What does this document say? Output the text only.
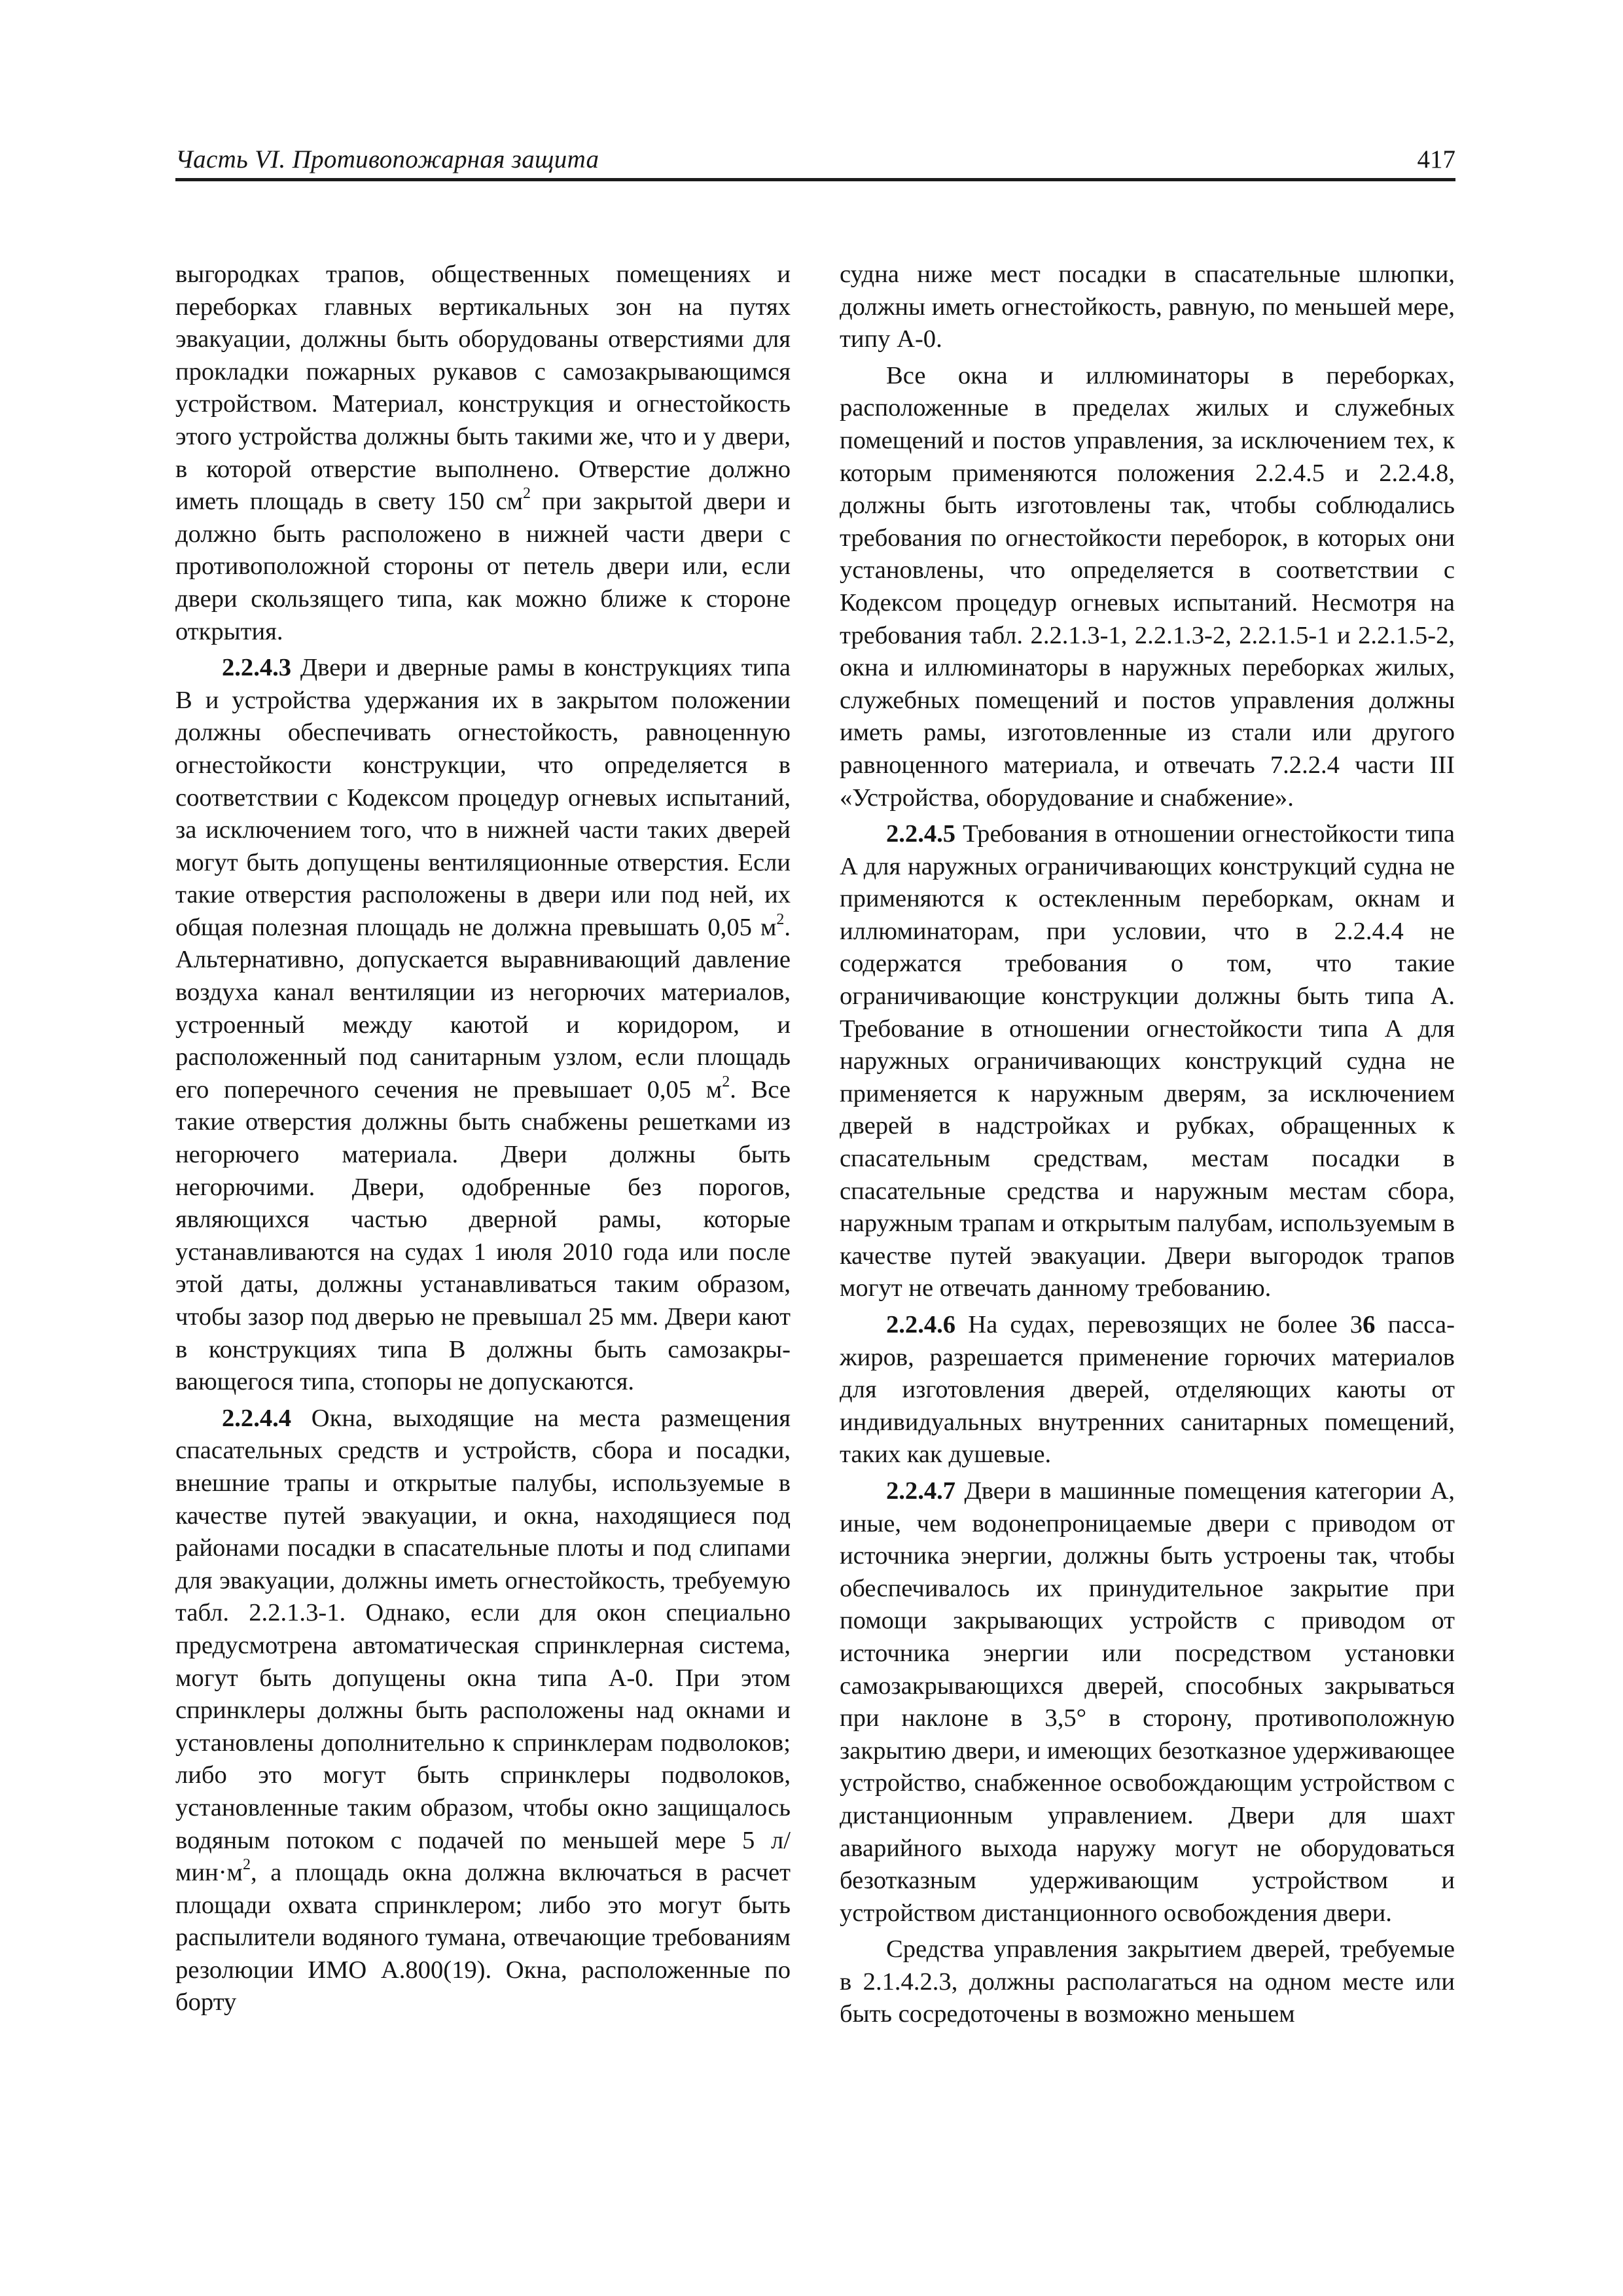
Часть VI. Противопожарная защита	417

выгородках трапов, общественных помещениях и переборках главных вертикальных зон на путях эвакуации, должны быть оборудованы отверстиями для прокладки пожарных рукавов с самозакрывающимся устройством. Материал, конструкция и огнестойкость этого устройства должны быть такими же, что и у двери, в которой отверстие выполнено. Отверстие должно иметь площадь в свету 150 $см^2$ при закрытой двери и должно быть расположено в нижней части двери с противоположной стороны от петель двери или, если двери скользящего типа, как можно ближе к стороне открытия.

2.2.4.3 Двери и дверные рамы в конструкциях типа B и устройства удержания их в закрытом положении должны обеспечивать огнестойкость, равноценную огнестойкости конструкции, что определяется в соответствии с Кодексом процедур огневых испытаний, за исключением того, что в нижней части таких дверей могут быть допущены вентиляционные отверстия. Если такие отверстия расположены в двери или под ней, их общая полезная площадь не должна превышать 0,05 $м^2$. Альтернативно, допускается выравнивающий давление воздуха канал вентиляции из негорючих материалов, устроенный между каютой и коридором, и расположенный под санитарным узлом, если площадь его поперечного сечения не превышает 0,05 $м^2$. Все такие отверстия должны быть снабжены решетками из негорючего материала. Двери должны быть негорючими. Двери, одобренные без порогов, являющихся частью дверной рамы, которые устанавливаются на судах 1 июля 2010 года или после этой даты, должны устанавливаться таким образом, чтобы зазор под дверью не превышал 25 мм. Двери кают в конструкциях типа B должны быть самозакрывающегося типа, стопоры не допускаются.

2.2.4.4 Окна, выходящие на места размещения спасательных средств и устройств, сбора и посадки, внешние трапы и открытые палубы, используемые в качестве путей эвакуации, и окна, находящиеся под районами посадки в спасательные плоты и под слипами для эвакуации, должны иметь огнестойкость, требуемую табл. 2.2.1.3-1. Однако, если для окон специально предусмотрена автоматическая спринклерная система, могут быть допущены окна типа A-0. При этом спринклеры должны быть расположены над окнами и установлены дополнительно к спринклерам подволоков; либо это могут быть спринклеры подволоков, установленные таким образом, чтобы окно защищалось водяным потоком с подачей по меньшей мере 5 $л/мин\cdot м^2$, а площадь окна должна включаться в расчет площади охвата спринклером; либо это могут быть распылители водяного тумана, отвечающие требованиям резолюции ИМО А.800(19). Окна, расположенные по борту

судна ниже мест посадки в спасательные шлюпки, должны иметь огнестойкость, равную, по меньшей мере, типу A-0.

Все окна и иллюминаторы в переборках, расположенные в пределах жилых и служебных помещений и постов управления, за исключением тех, к которым применяются положения 2.2.4.5 и 2.2.4.8, должны быть изготовлены так, чтобы соблюдались требования по огнестойкости переборок, в которых они установлены, что определяется в соответствии с Кодексом процедур огневых испытаний. Несмотря на требования табл. 2.2.1.3-1, 2.2.1.3-2, 2.2.1.5-1 и 2.2.1.5-2, окна и иллюминаторы в наружных переборках жилых, служебных помещений и постов управления должны иметь рамы, изготовленные из стали или другого равноценного материала, и отвечать 7.2.2.4 части III «Устройства, оборудование и снабжение».

2.2.4.5 Требования в отношении огнестойкости типа A для наружных ограничивающих конструкций судна не применяются к остекленным переборкам, окнам и иллюминаторам, при условии, что в 2.2.4.4 не содержатся требования о том, что такие ограничивающие конструкции должны быть типа A. Требование в отношении огнестойкости типа A для наружных ограничивающих конструкций судна не применяется к наружным дверям, за исключением дверей в надстройках и рубках, обращенных к спасательным средствам, местам посадки в спасательные средства и наружным местам сбора, наружным трапам и открытым палубам, используемым в качестве путей эвакуации. Двери выгородок трапов могут не отвечать данному требованию.

2.2.4.6 На судах, перевозящих не более 36 пассажиров, разрешается применение горючих материалов для изготовления дверей, отделяющих каюты от индивидуальных внутренних санитарных помещений, таких как душевые.

2.2.4.7 Двери в машинные помещения категории A, иные, чем водонепроницаемые двери с приводом от источника энергии, должны быть устроены так, чтобы обеспечивалось их принудительное закрытие при помощи закрывающих устройств с приводом от источника энергии или посредством установки самозакрывающихся дверей, способных закрываться при наклоне в 3,5° в сторону, противоположную закрытию двери, и имеющих безотказное удерживающее устройство, снабженное освобождающим устройством с дистанционным управлением. Двери для шахт аварийного выхода наружу могут не оборудоваться безотказным удерживающим устройством и устройством дистанционного освобождения двери.

Средства управления закрытием дверей, требуемые в 2.1.4.2.3, должны располагаться на одном месте или быть сосредоточены в возможно меньшем
